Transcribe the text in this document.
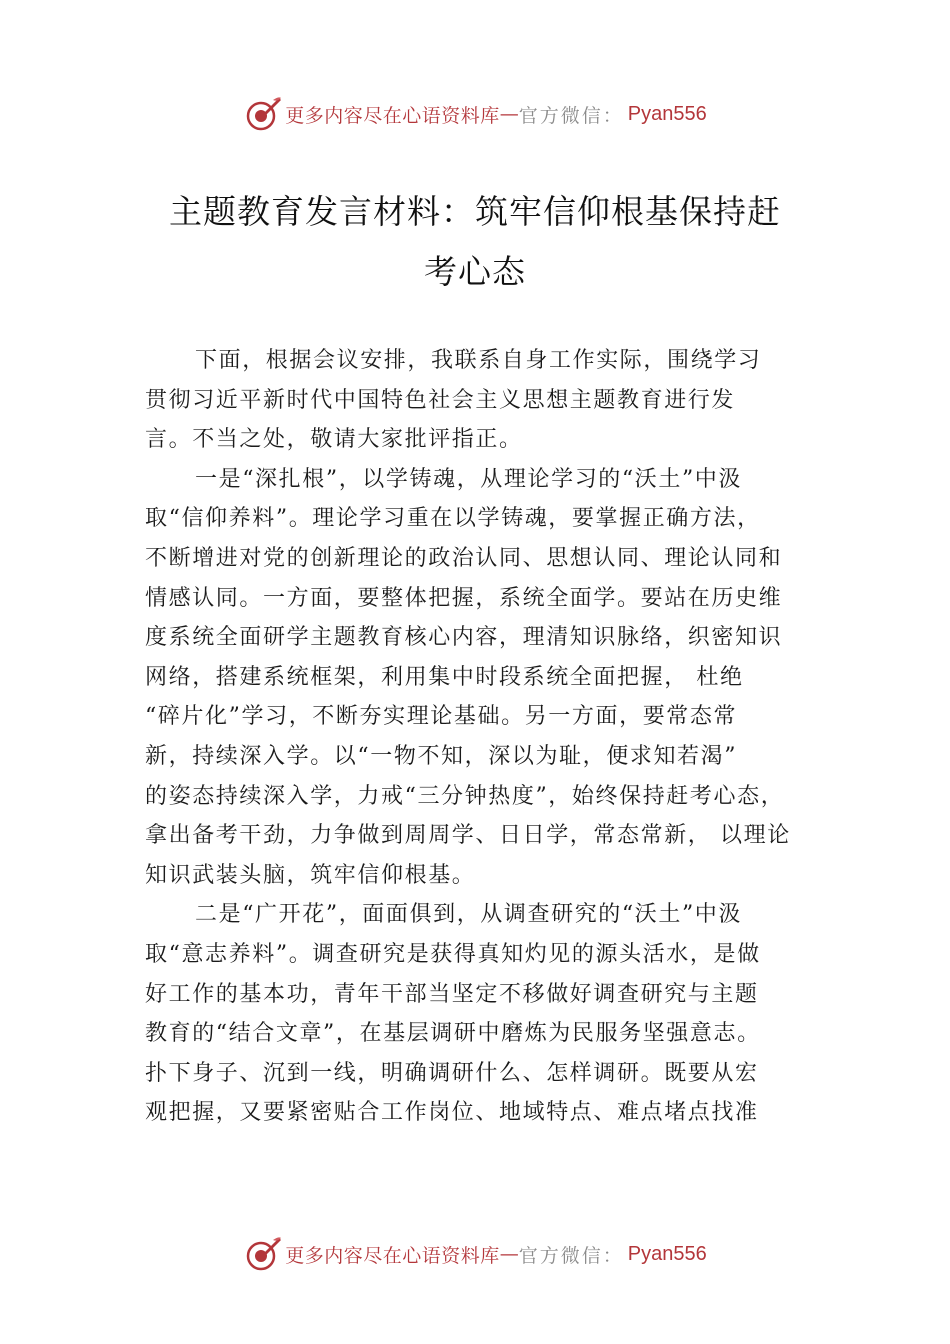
更多内容尽在心语资料库 — 官方微信： Pyan556
主题教育发言材料：筑牢信仰根基保持赶
考心态
下面，根据会议安排，我联系自身工作实际，围绕学习
贯彻习近平新时代中国特色社会主义思想主题教育进行发
言。不当之处，敬请大家批评指正。
一是“深扎根”，以学铸魂，从理论学习的“沃土”中汲
取“信仰养料”。理论学习重在以学铸魂，要掌握正确方法，
不断增进对党的创新理论的政治认同、思想认同、理论认同和
情感认同。一方面，要整体把握，系统全面学。要站在历史维
度系统全面研学主题教育核心内容，理清知识脉络，织密知识
网络，搭建系统框架，利用集中时段系统全面把握， 杜绝
“碎片化”学习，不断夯实理论基础。另一方面，要常态常
新，持续深入学。以“一物不知，深以为耻，便求知若渴”
的姿态持续深入学，力戒“三分钟热度”，始终保持赶考心态，
拿出备考干劲，力争做到周周学、日日学，常态常新， 以理论
知识武装头脑，筑牢信仰根基。
二是“广开花”，面面俱到，从调查研究的“沃土”中汲
取“意志养料”。调查研究是获得真知灼见的源头活水，是做
好工作的基本功，青年干部当坚定不移做好调查研究与主题
教育的“结合文章”，在基层调研中磨炼为民服务坚强意志。
扑下身子、沉到一线，明确调研什么、怎样调研。既要从宏
观把握，又要紧密贴合工作岗位、地域特点、难点堵点找准
更多内容尽在心语资料库 — 官方微信： Pyan556
